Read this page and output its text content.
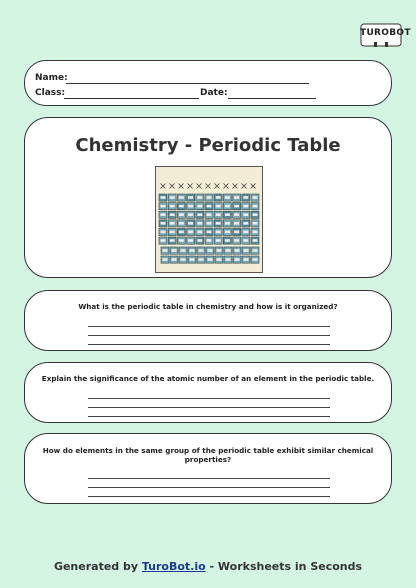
TUROBOT
Name:
Class:	Date:
Chemistry - Periodic Table
What is the periodic table in chemistry and how is it organized?
Explain the significance of the atomic number of an element in the periodic table.
How do elements in the same group of the periodic table exhibit similar chemical properties?
Generated by TuroBot.io - Worksheets in Seconds
